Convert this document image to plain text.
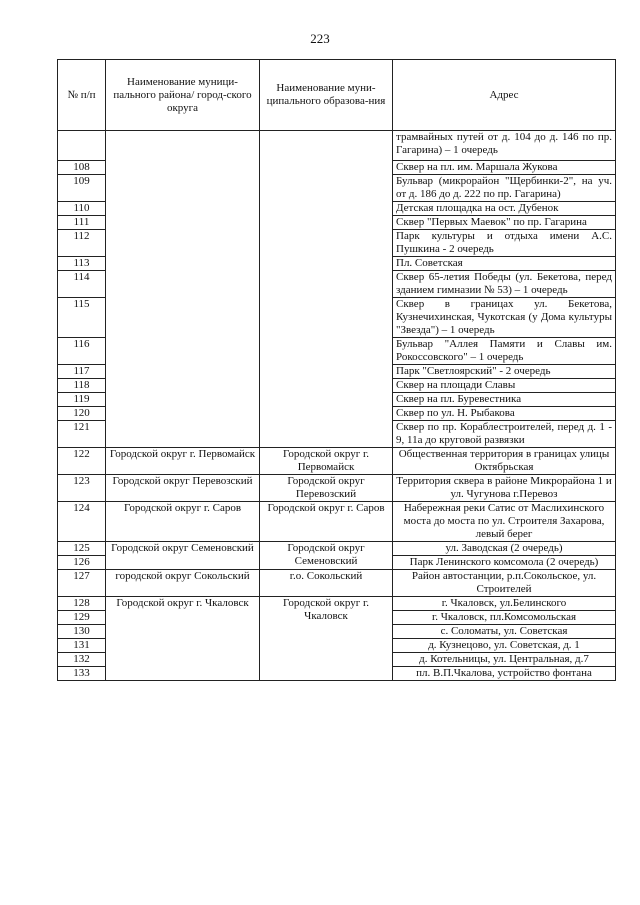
223
№ п/п	Наименование муници-пального района/ город-ского округа	Наименование муни-ципального образова-ния	Адрес
			трамвайных путей от д. 104 до д. 146 по пр. Гагарина) – 1 очередь
108			Сквер на пл. им. Маршала Жукова
109			Бульвар (микрорайон "Щербинки-2", на уч. от д. 186 до д. 222 по пр. Гагарина)
110			Детская площадка на ост. Дубенок
111			Сквер "Первых Маевок" по пр. Гагарина
112			Парк культуры и отдыха имени А.С. Пушкина - 2 очередь
113			Пл. Советская
114			Сквер 65-летия Победы (ул. Бекетова, перед зданием гимназии № 53) – 1 очередь
115			Сквер в границах ул. Бекетова, Кузнечихинская, Чукотская (у Дома культуры "Звезда") – 1 очередь
116			Бульвар "Аллея Памяти и Славы им. Рокоссовского" – 1 очередь
117			Парк "Светлоярский" - 2 очередь
118			Сквер на площади Славы
119			Сквер на пл. Буревестника
120			Сквер по ул. Н. Рыбакова
121			Сквер по пр. Кораблестроителей, перед д. 1 - 9, 11а до круговой развязки
122	Городской округ г. Первомайск	Городской округ г. Первомайск	Общественная территория в границах улицы Октябрьская
123	Городской округ Перевозский	Городской округ Перевозский	Территория сквера в районе Микрорайона 1 и ул. Чугунова г.Перевоз
124	Городской округ г. Саров	Городской округ г. Саров	Набережная реки Сатис от Маслихинского моста до моста по ул. Строителя Захарова, левый берег
125	Городской округ Семеновский	Городской округ Семеновский	ул. Заводская (2 очередь)
126			Парк Ленинского комсомола (2 очередь)
127	городской округ Сокольский	г.о. Сокольский	Район автостанции, р.п.Сокольское, ул. Строителей
128	Городской округ г. Чкаловск	Городской округ г. Чкаловск	г. Чкаловск, ул.Белинского
129			г. Чкаловск, пл.Комсомольская
130			с. Соломаты, ул. Советская
131			д. Кузнецово, ул. Советская, д. 1
132			д. Котельницы, ул. Центральная, д.7
133			пл. В.П.Чкалова, устройство фонтана
